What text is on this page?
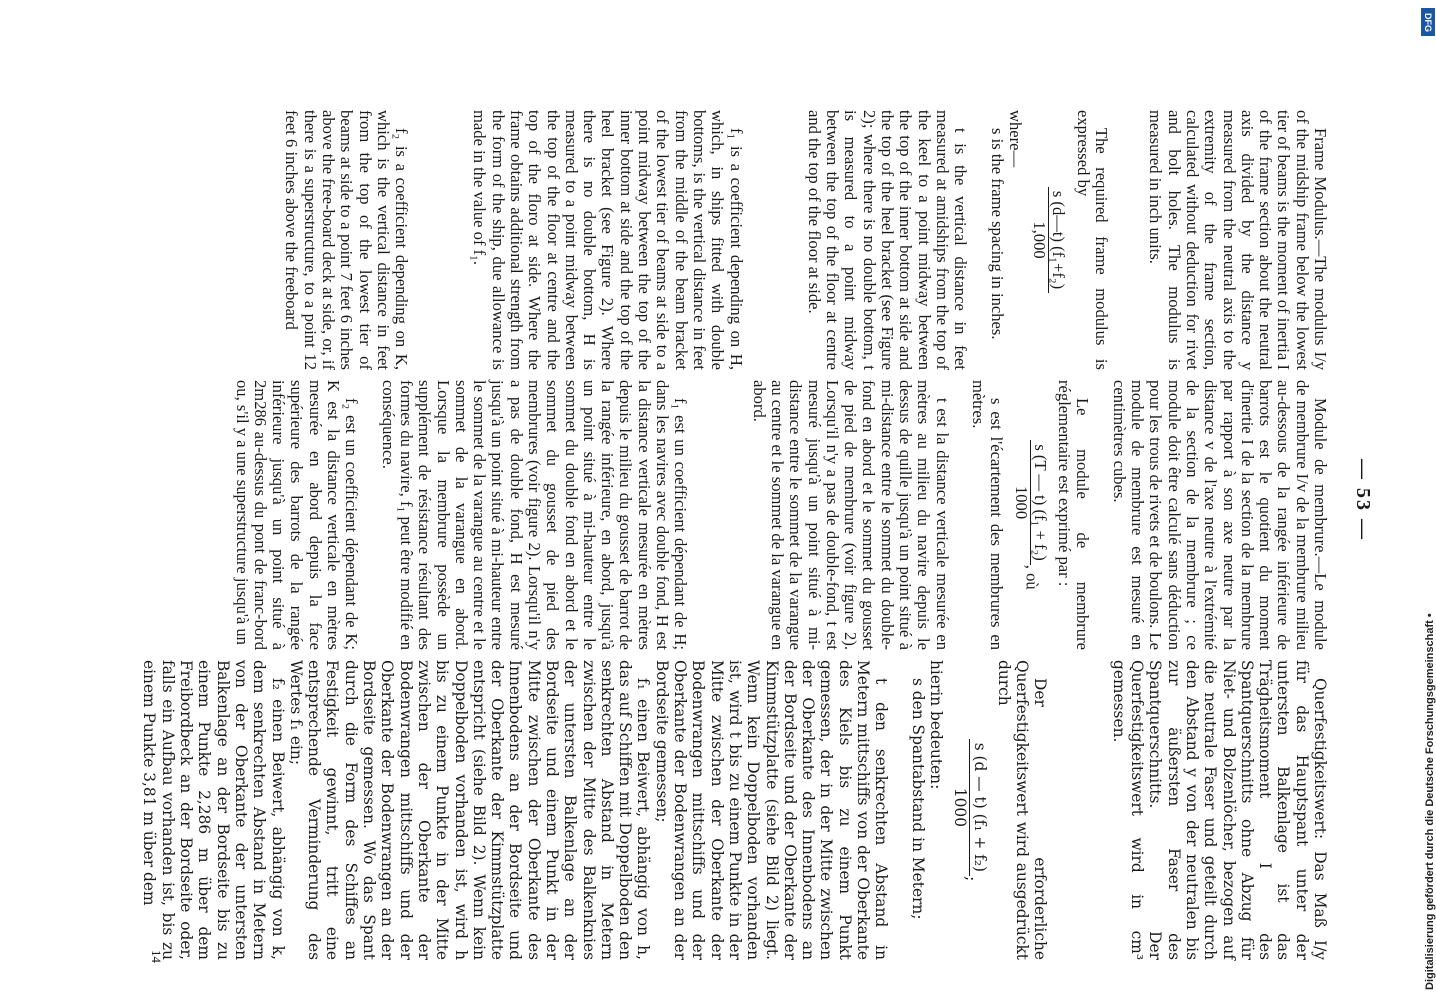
— 53 —

Frame Modulus.—The modulus I/y of the midship frame below the lowest tier of beams is the moment of inertia I of the frame section about the neutral axis divided by the distance y measured from the neutral axis to the extremity of the frame section, calculated without deduction for rivet and bolt holes. The modulus is measured in inch units.

The required frame modulus is expressed by

s (d—t) (f₁+f₂)
1,000

where—

s is the frame spacing in inches.

t is the vertical distance in feet measured at amidships from the top of the keel to a point midway between the top of the inner bottom at side and the top of the heel bracket (see Figure 2); where there is no double bottom, t is measured to a point midway between the top of the floor at centre and the top of the floor at side.

f₁ is a coefficient depending on H, which, in ships fitted with double bottoms, is the vertical distance in feet from the middle of the beam bracket of the lowest tier of beams at side to a point midway between the top of the inner bottom at side and the top of the heel bracket (see Figure 2). Where there is no double bottom, H is measured to a point midway between the top of the floor at centre and the top of the floro at side. Where the frame obtains additional strength from the form of the ship, due allowance is made in the value of f₁.

f₂ is a coefficient depending on K, which is the vertical distance in feet from the top of the lowest tier of beams at side to a point 7 feet 6 inches above the free-board deck at side, or, if there is a superstructure, to a point 12 feet 6 inches above the freeboard

Module de membrure.—Le module de membrure I/v de la membrure milieu au-dessous de la rangée inférieure de barrots est le quotient du moment d'inertie I de la section de la membrure par rapport à son axe neutre par la distance v de l'axe neutre à l'extrémité de la section de la membrure ; ce module doit être calculé sans déduction pour les trous de rivets et de boulons. Le module de membrure est mesuré en centimètres cubes.

Le module de membrure réglementaire est exprimé par :

s (T — t) (f₁ + f₂)
1000
, où

s est l'écartement des membrures en mètres.

t est la distance verticale mesurée en mètres au milieu du navire depuis le dessus de quille jusqu'à un point situé à mi-distance entre le sommet du double-fond en abord et le sommet du gousset de pied de membrure (voir figure 2). Lorsqu'il n'y a pas de double-fond, t est mesuré jusqu'à un point situé à mi-distance entre le sommet de la varangue au centre et le sommet de la varangue en abord.

f₁ est un coefficient dépendant de H; dans les navires avec double fond, H est la distance verticale mesurée en mètres depuis le milieu du gousset de barrot de la rangée inférieure, en abord, jusqu'à un point situé à mi-hauteur entre le sommet du double fond en abord et le sommet du gousset de pied des membrures (voir figure 2). Lorsqu'il n'y a pas de double fond, H est mesuré jusqu'à un point situé à mi-hauteur entre le sommet de la varangue au centre et le sommet de la varangue en abord. Lorsque la membrure possède un supplément de résistance résultant des formes du navire, f₁ peut être modifié en conséquence.

f₂ est un coefficient dépendant de K; K est la distance verticale en mètres mesurée en abord depuis la face supérieure des barrots de la rangée inférieure jusqu'à un point situé à 2m286 au-dessus du pont de franc-bord ou, s'il y a une superstructure jusqu'à un

Querfestigkeitswert: Das Maß I/y für das Hauptspant unter der untersten Balkenlage ist das Trägheitsmoment I des Spantquerschnitts ohne Abzug für Niet- und Bolzenlöcher, bezogen auf die neutrale Faser und geteilt durch den Abstand y von der neutralen bis zur äußersten Faser des Spantquerschnitts. Der Querfestigkeitswert wird in cm³ gemessen.

Der erforderliche Querfestigkeitswert wird ausgedrückt durch

s (d — t) (f₁ + f₂)
1000
;

hierin bedeuten:

s den Spantabstand in Metern;

t den senkrechten Abstand in Metern mittschiffs von der Oberkante des Kiels bis zu einem Punkt gemessen, der in der Mitte zwischen der Oberkante des Innenbodens an der Bordseite und der Oberkante der Kimmstützplatte (siehe Bild 2) liegt. Wenn kein Doppelboden vorhanden ist, wird t bis zu einem Punkte in der Mitte zwischen der Oberkante der Bodenwrangen mittschiffs und der Oberkante der Bodenwrangen an der Bordseite gemessen;

f₁ einen Beiwert, abhängig von h, das auf Schiffen mit Doppelboden den senkrechten Abstand in Metern zwischen der Mitte des Balkenknies der untersten Balkenlage an der Bordseite und einem Punkt in der Mitte zwischen der Oberkante des Innenbodens an der Bordseite und der Oberkante der Kimmstützplatte entspricht (siehe Bild 2). Wenn kein Doppelboden vorhanden ist, wird h bis zu einem Punkte in der Mitte zwischen der Oberkante der Bodenwrangen mittschiffs und der Oberkante der Bodenwrangen an der Bordseite gemessen. Wo das Spant durch die Form des Schiffes an Festigkeit gewinnt, tritt eine entsprechende Verminderung des Wertes f₁ ein;

f₂ einen Beiwert, abhängig von k, dem senkrechten Abstand in Metern von der Oberkante der untersten Balkenlage an der Bordseite bis zu einem Punkte 2,286 m über dem Freibordbeck an der Bordseite oder, falls ein Aufbau vorhanden ist, bis zu einem Punkte 3,81 m über dem

14
DFG
Digitalisierung gefördert durch die Deutsche Forschungsgemeinschaft •
